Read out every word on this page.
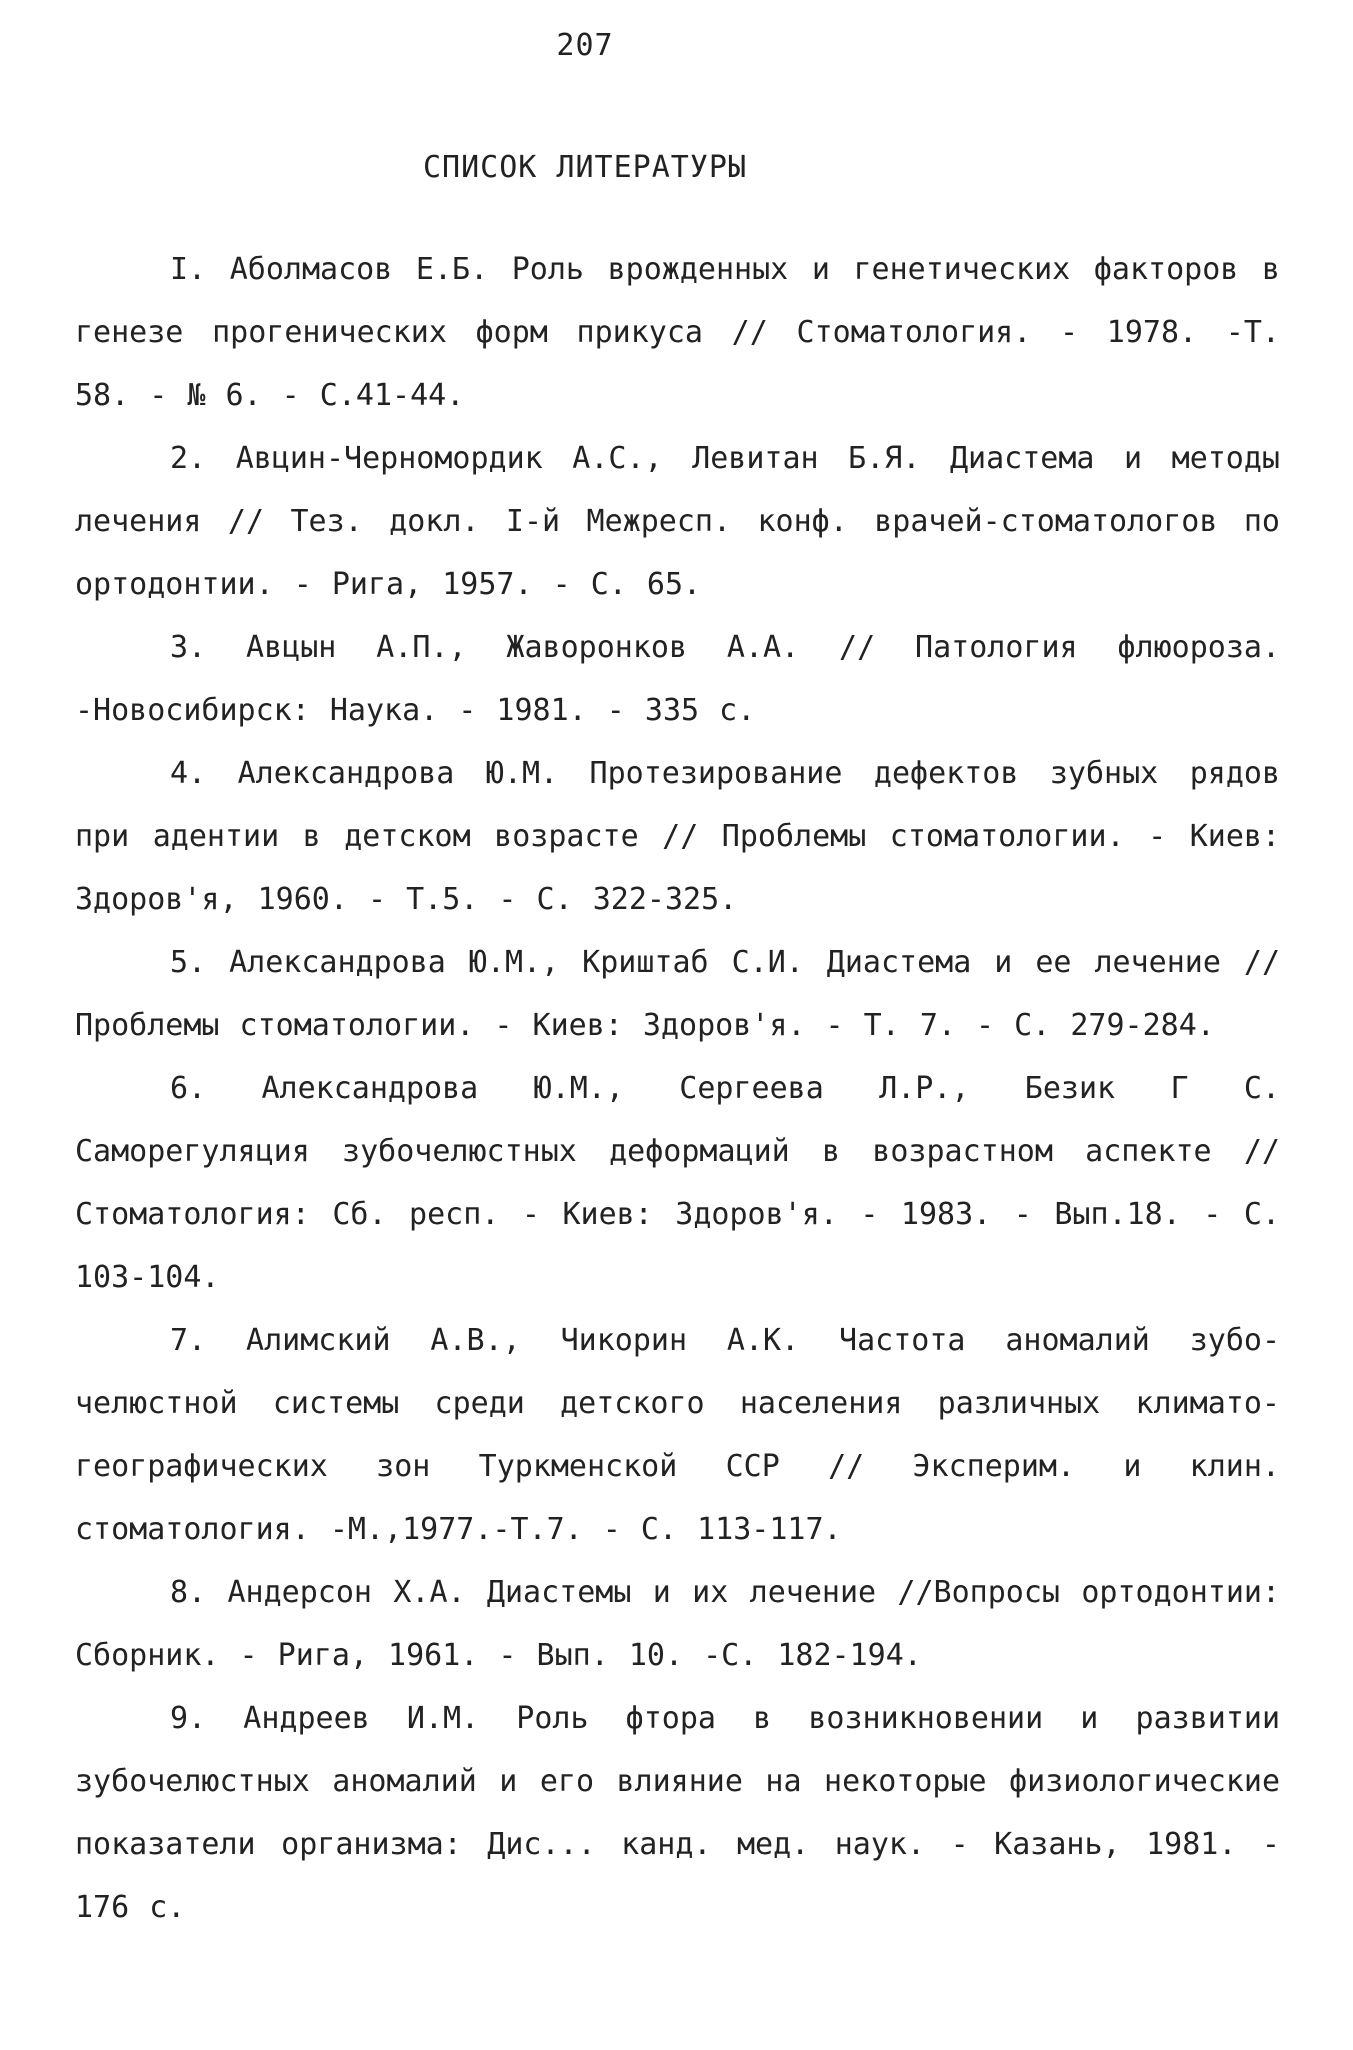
207
СПИСОК ЛИТЕРАТУРЫ

I. Аболмасов Е.Б. Роль врожденных и генетических факторов в генезе прогенических форм прикуса // Стоматология. - 1978. -Т. 58. - № 6. - С.41-44.

2. Авцин-Черномордик А.С., Левитан Б.Я. Диастема и методы лечения // Тез. докл. I-й Межресп. конф. врачей-стоматологов по ортодонтии. - Рига, 1957. - С. 65.

3. Авцын А.П., Жаворонков А.А. // Патология флюороза. -Новосибирск: Наука. - 1981. - 335 с.

4. Александрова Ю.М. Протезирование дефектов зубных рядов при адентии в детском возрасте // Проблемы стоматологии. - Киев: Здоров'я, 1960. - Т.5. - С. 322-325.

5. Александрова Ю.М., Криштаб С.И. Диастема и ее лечение //Проблемы стоматологии. - Киев: Здоров'я. - Т. 7. - С. 279-284.

6. Александрова Ю.М., Сергеева Л.Р., Безик Г С. Саморегуляция зубочелюстных деформаций в возрастном аспекте // Стоматология: Сб. респ. - Киев: Здоров'я. - 1983. - Вып.18. - С. 103-104.

7. Алимский А.В., Чикорин А.К. Частота аномалий зубо-челюстной системы среди детского населения различных климато-географических зон Туркменской ССР // Эксперим. и клин. стоматология. -М.,1977.-Т.7. - С. 113-117.

8. Андерсон Х.А. Диастемы и их лечение //Вопросы ортодонтии: Сборник. - Рига, 1961. - Вып. 10. -С. 182-194.

9. Андреев И.М. Роль фтора в возникновении и развитии зубочелюстных аномалий и его влияние на некоторые физиологические показатели организма: Дис... канд. мед. наук. - Казань, 1981. - 176 с.
